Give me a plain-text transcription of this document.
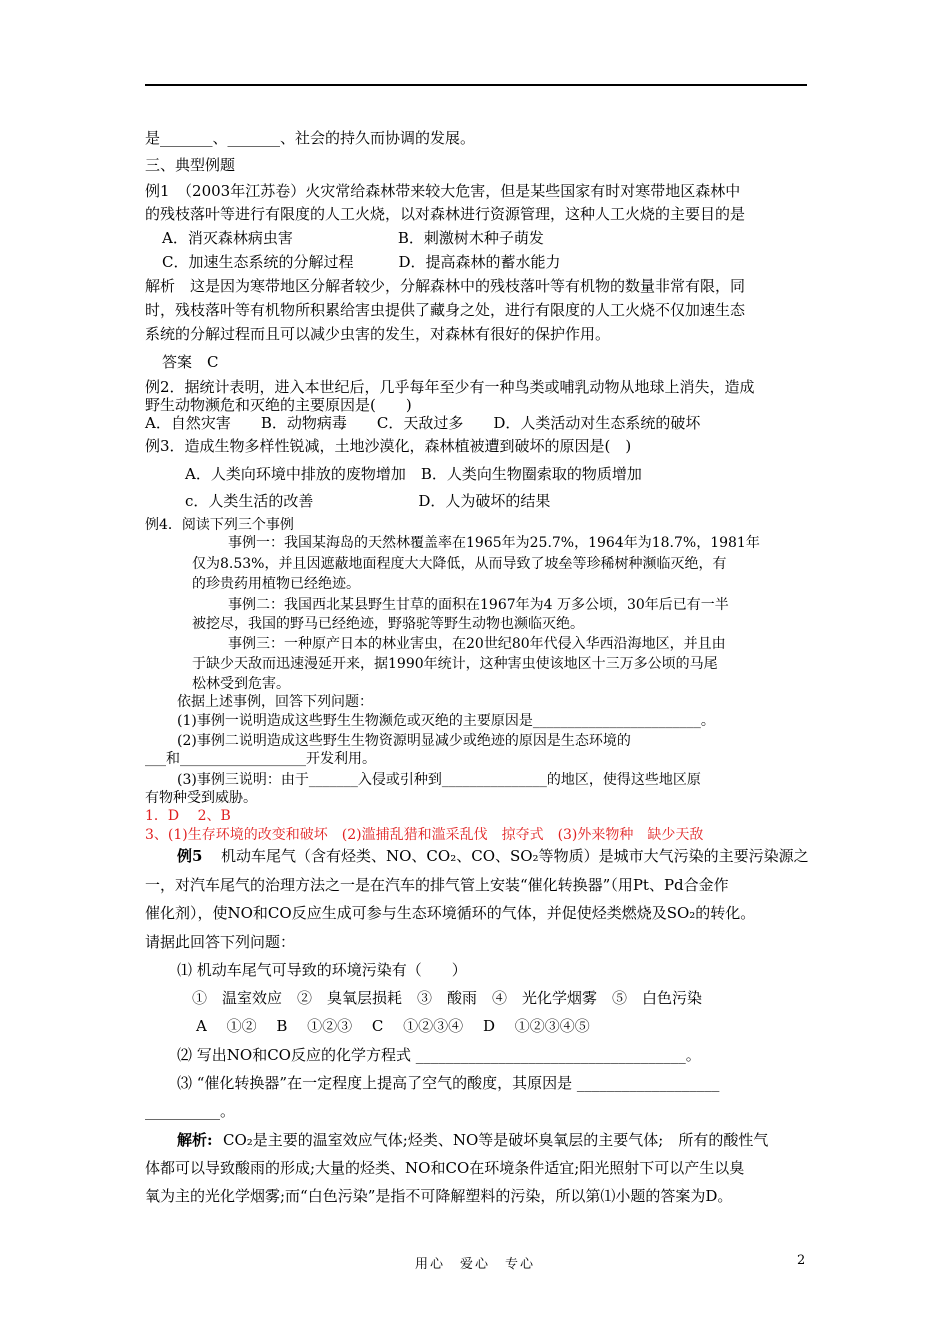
是_______、_______、社会的持久而协调的发展。
三、典型例题
例1　（2003年江苏卷）火灾常给森林带来较大危害，但是某些国家有时对寒带地区森林中
的残枝落叶等进行有限度的人工火烧，以对森林进行资源管理，这种人工火烧的主要目的是
A．消灭森林病虫害　　　　　　　B．刺激树木种子萌发
C．加速生态系统的分解过程　　　D．提高森林的蓄水能力
解析　这是因为寒带地区分解者较少，分解森林中的残枝落叶等有机物的数量非常有限，同
时，残枝落叶等有机物所积累给害虫提供了藏身之处，进行有限度的人工火烧不仅加速生态
系统的分解过程而且可以减少虫害的发生，对森林有很好的保护作用。
答案　C
例2．据统计表明，进入本世纪后，几乎每年至少有一种鸟类或哺乳动物从地球上消失，造成
野生动物濒危和灭绝的主要原因是(　　)
A．自然灾害　　B．动物病毒　　C．天敌过多　　D．人类活动对生态系统的破坏
例3．造成生物多样性锐减，土地沙漠化，森林植被遭到破坏的原因是(　)
A．人类向环境中排放的废物增加　B．人类向生物圈索取的物质增加
c．人类生活的改善　　　　　　　D．人为破坏的结果
例4．阅读下列三个事例
事例一：我国某海岛的天然林覆盖率在1965年为25.7%，1964年为18.7%，1981年
仅为8.53%，并且因遮蔽地面程度大大降低，从而导致了坡垒等珍稀树种濒临灭绝，有
的珍贵药用植物已经绝迹。
事例二：我国西北某县野生甘草的面积在1967年为4 万多公顷，30年后已有一半
被挖尽，我国的野马已经绝迹，野骆驼等野生动物也濒临灭绝。
事例三：一种原产日本的林业害虫，在20世纪80年代侵入华西沿海地区，并且由
于缺少天敌而迅速漫延开来，据1990年统计，这种害虫使该地区十三万多公顷的马尾
松林受到危害。
依据上述事例，回答下列问题：
(1)事例一说明造成这些野生生物濒危或灭绝的主要原因是________________________。
(2)事例二说明造成这些野生生物资源明显减少或绝迹的原因是生态环境的
___和__________________开发利用。
(3)事例三说明：由于_______入侵或引种到_______________的地区，使得这些地区原
有物种受到威胁。
1．D　 2、B
3、(1)生存环境的改变和破坏　(2)滥捕乱猎和滥采乱伐　掠夺式　(3)外来物种　缺少天敌
例5 机动车尾气（含有烃类、NO、CO₂、CO、SO₂等物质）是城市大气污染的主要污染源之
一，对汽车尾气的治理方法之一是在汽车的排气管上安装“催化转换器”（用Pt、Pd合金作
催化剂），使NO和CO反应生成可参与生态环境循环的气体，并促使烃类燃烧及SO₂的转化。
请据此回答下列问题：
⑴ 机动车尾气可导致的环境污染有（　　）
①　温室效应　②　臭氧层损耗　③　酸雨　④　光化学烟雾　⑤　白色污染
A　 ①②　 B　 ①②③　 C　 ①②③④　 D　 ①②③④⑤
⑵ 写出NO和CO反应的化学方程式 ____________________________________。
⑶ “催化转换器”在一定程度上提高了空气的酸度，其原因是 ___________________
__________。
解析: CO₂是主要的温室效应气体;烃类、NO等是破坏臭氧层的主要气体;　所有的酸性气
体都可以导致酸雨的形成;大量的烃类、NO和CO在环境条件适宜;阳光照射下可以产生以臭
氧为主的光化学烟雾;而“白色污染”是指不可降解塑料的污染，所以第⑴小题的答案为D。
用心　爱心　专心	2
